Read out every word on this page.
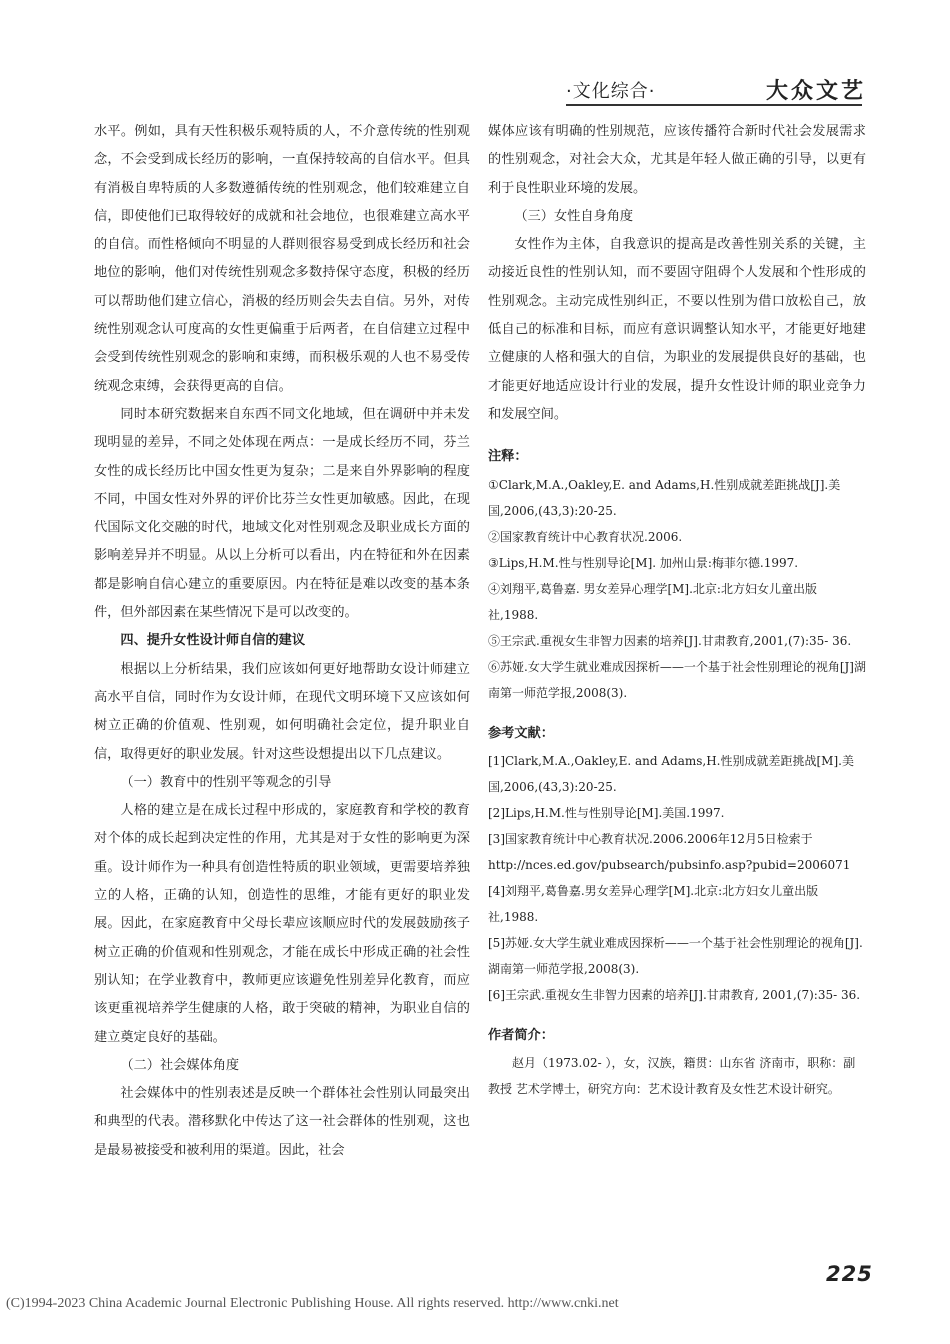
·文化综合·	大众文艺

水平。例如，具有天性积极乐观特质的人，不介意传统的性别观念，不会受到成长经历的影响，一直保持较高的自信水平。但具有消极自卑特质的人多数遵循传统的性别观念，他们较难建立自信，即使他们已取得较好的成就和社会地位，也很难建立高水平的自信。而性格倾向不明显的人群则很容易受到成长经历和社会地位的影响，他们对传统性别观念多数持保守态度，积极的经历可以帮助他们建立信心，消极的经历则会失去自信。另外，对传统性别观念认可度高的女性更偏重于后两者，在自信建立过程中会受到传统性别观念的影响和束缚，而积极乐观的人也不易受传统观念束缚，会获得更高的自信。

同时本研究数据来自东西不同文化地域，但在调研中并未发现明显的差异，不同之处体现在两点：一是成长经历不同，芬兰女性的成长经历比中国女性更为复杂；二是来自外界影响的程度不同，中国女性对外界的评价比芬兰女性更加敏感。因此，在现代国际文化交融的时代，地域文化对性别观念及职业成长方面的影响差异并不明显。从以上分析可以看出，内在特征和外在因素都是影响自信心建立的重要原因。内在特征是难以改变的基本条件，但外部因素在某些情况下是可以改变的。

四、提升女性设计师自信的建议

根据以上分析结果，我们应该如何更好地帮助女设计师建立高水平自信，同时作为女设计师，在现代文明环境下又应该如何树立正确的价值观、性别观，如何明确社会定位，提升职业自信，取得更好的职业发展。针对这些设想提出以下几点建议。

（一）教育中的性别平等观念的引导

人格的建立是在成长过程中形成的，家庭教育和学校的教育对个体的成长起到决定性的作用，尤其是对于女性的影响更为深重。设计师作为一种具有创造性特质的职业领域，更需要培养独立的人格，正确的认知，创造性的思维，才能有更好的职业发展。因此，在家庭教育中父母长辈应该顺应时代的发展鼓励孩子树立正确的价值观和性别观念，才能在成长中形成正确的社会性别认知；在学业教育中，教师更应该避免性别差异化教育，而应该更重视培养学生健康的人格，敢于突破的精神，为职业自信的建立奠定良好的基础。

（二）社会媒体角度

社会媒体中的性别表述是反映一个群体社会性别认同最突出和典型的代表。潜移默化中传达了这一社会群体的性别观，这也是最易被接受和被利用的渠道。因此，社会

媒体应该有明确的性别规范，应该传播符合新时代社会发展需求的性别观念，对社会大众，尤其是年轻人做正确的引导，以更有利于良性职业环境的发展。

（三）女性自身角度

女性作为主体，自我意识的提高是改善性别关系的关键，主动接近良性的性别认知，而不要固守阻碍个人发展和个性形成的性别观念。主动完成性别纠正，不要以性别为借口放松自己，放低自己的标准和目标，而应有意识调整认知水平，才能更好地建立健康的人格和强大的自信，为职业的发展提供良好的基础，也才能更好地适应设计行业的发展，提升女性设计师的职业竞争力和发展空间。

注释：

①Clark,M.A.,Oakley,E. and Adams,H.性别成就差距挑战[J].美国,2006,(43,3):20-25.

②国家教育统计中心教育状况.2006.

③Lips,H.M.性与性别导论[M]. 加州山景:梅菲尔德.1997.

④刘翔平,葛鲁嘉. 男女差异心理学[M].北京:北方妇女儿童出版社,1988.

⑤王宗武.重视女生非智力因素的培养[J].甘肃教育,2001,(7):35- 36.

⑥苏娅.女大学生就业难成因探析——一个基于社会性别理论的视角[J]湖南第一师范学报,2008(3).

参考文献：

[1]Clark,M.A.,Oakley,E. and Adams,H.性别成就差距挑战[M].美国,2006,(43,3):20-25.

[2]Lips,H.M.性与性别导论[M].美国.1997.

[3]国家教育统计中心教育状况.2006.2006年12月5日检索于http://nces.ed.gov/pubsearch/pubsinfo.asp?pubid=2006071

[4]刘翔平,葛鲁嘉.男女差异心理学[M].北京:北方妇女儿童出版社,1988.

[5]苏娅.女大学生就业难成因探析——一个基于社会性别理论的视角[J].湖南第一师范学报,2008(3).

[6]王宗武.重视女生非智力因素的培养[J].甘肃教育, 2001,(7):35- 36.

作者简介：

赵月（1973.02- ），女，汉族，籍贯：山东省 济南市，职称：副教授 艺术学博士，研究方向：艺术设计教育及女性艺术设计研究。

225
(C)1994-2023 China Academic Journal Electronic Publishing House. All rights reserved. http://www.cnki.net
